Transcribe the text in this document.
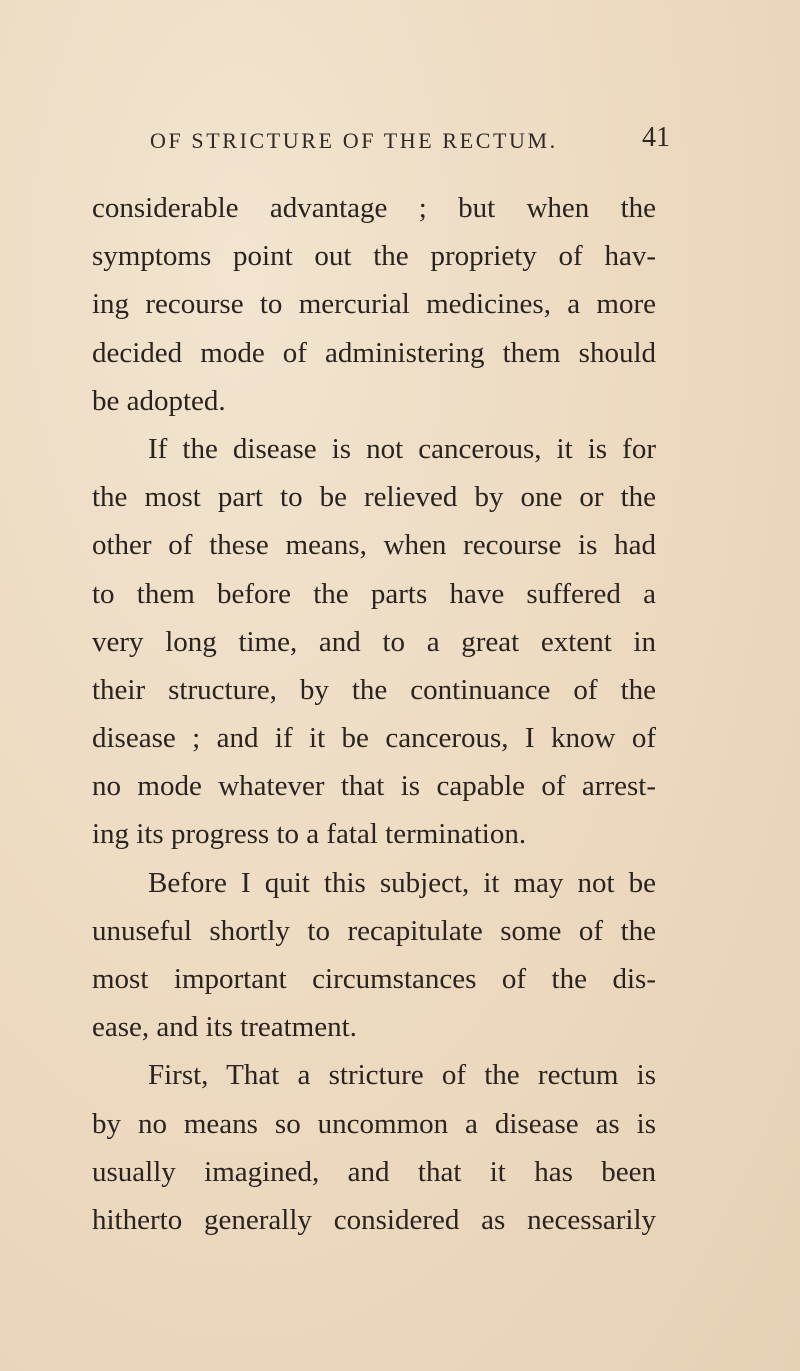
OF STRICTURE OF THE RECTUM.	41
considerable advantage ; but when the
symptoms point out the propriety of hav-
ing recourse to mercurial medicines, a more
decided mode of administering them should
be adopted.
If the disease is not cancerous, it is for
the most part to be relieved by one or the
other of these means, when recourse is had
to them before the parts have suffered a
very long time, and to a great extent in
their structure, by the continuance of the
disease ; and if it be cancerous, I know of
no mode whatever that is capable of arrest-
ing its progress to a fatal termination.
Before I quit this subject, it may not be
unuseful shortly to recapitulate some of the
most important circumstances of the dis-
ease, and its treatment.
First, That a stricture of the rectum is
by no means so uncommon a disease as is
usually imagined, and that it has been
hitherto generally considered as necessarily
